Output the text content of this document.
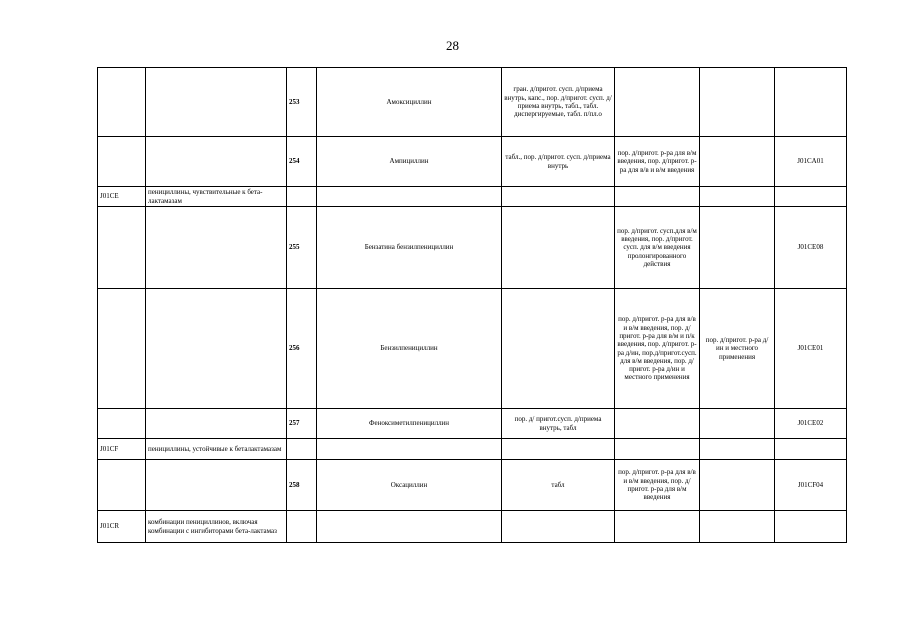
28
		253	Амоксициллин	гран. д/пригот. сусп. д/приема внутрь, капс., пор. д/пригот. сусп. д/приема внутрь, табл., табл. диспергируемые, табл. п/пл.о			
		254	Ампициллин	табл., пор. д/пригот. сусп. д/приема внутрь	пор. д/пригот. р-ра для в/м введения, пор. д/пригот. р-ра для в/в и в/м введения		J01CA01
J01CE	пенициллины, чувствительные к бета-лактамазам						
		255	Бензатина бензилпенициллин		пор. д/пригот. сусп.для в/м введения, пор. д/пригот. сусп. для в/м введения пролонгированного действия		J01CE08
		256	Бензилпенициллин		пор. д/пригот. р-ра для в/в и в/м введения, пор. д/пригот. р-ра для в/м и п/к введения, пор. д/пригот. р-ра д/ин, пор.д/пригот.сусп. для в/м введения, пор. д/пригот. р-ра д/ин и местного применения	пор. д/пригот. р-ра д/ин и местного применения	J01CE01
		257	Феноксиметилпенициллин	пор. д/ пригот.сусп. д/приема внутрь, табл			J01CE02
J01CF	пенициллины, устойчивые к беталактамазам						
		258	Оксациллин	табл	пор. д/пригот. р-ра для в/в и в/м введения, пор. д/пригот. р-ра для в/м введения		J01CF04
J01CR	комбинации пенициллинов, включая комбинации с ингибиторами бета-лактамаз						
